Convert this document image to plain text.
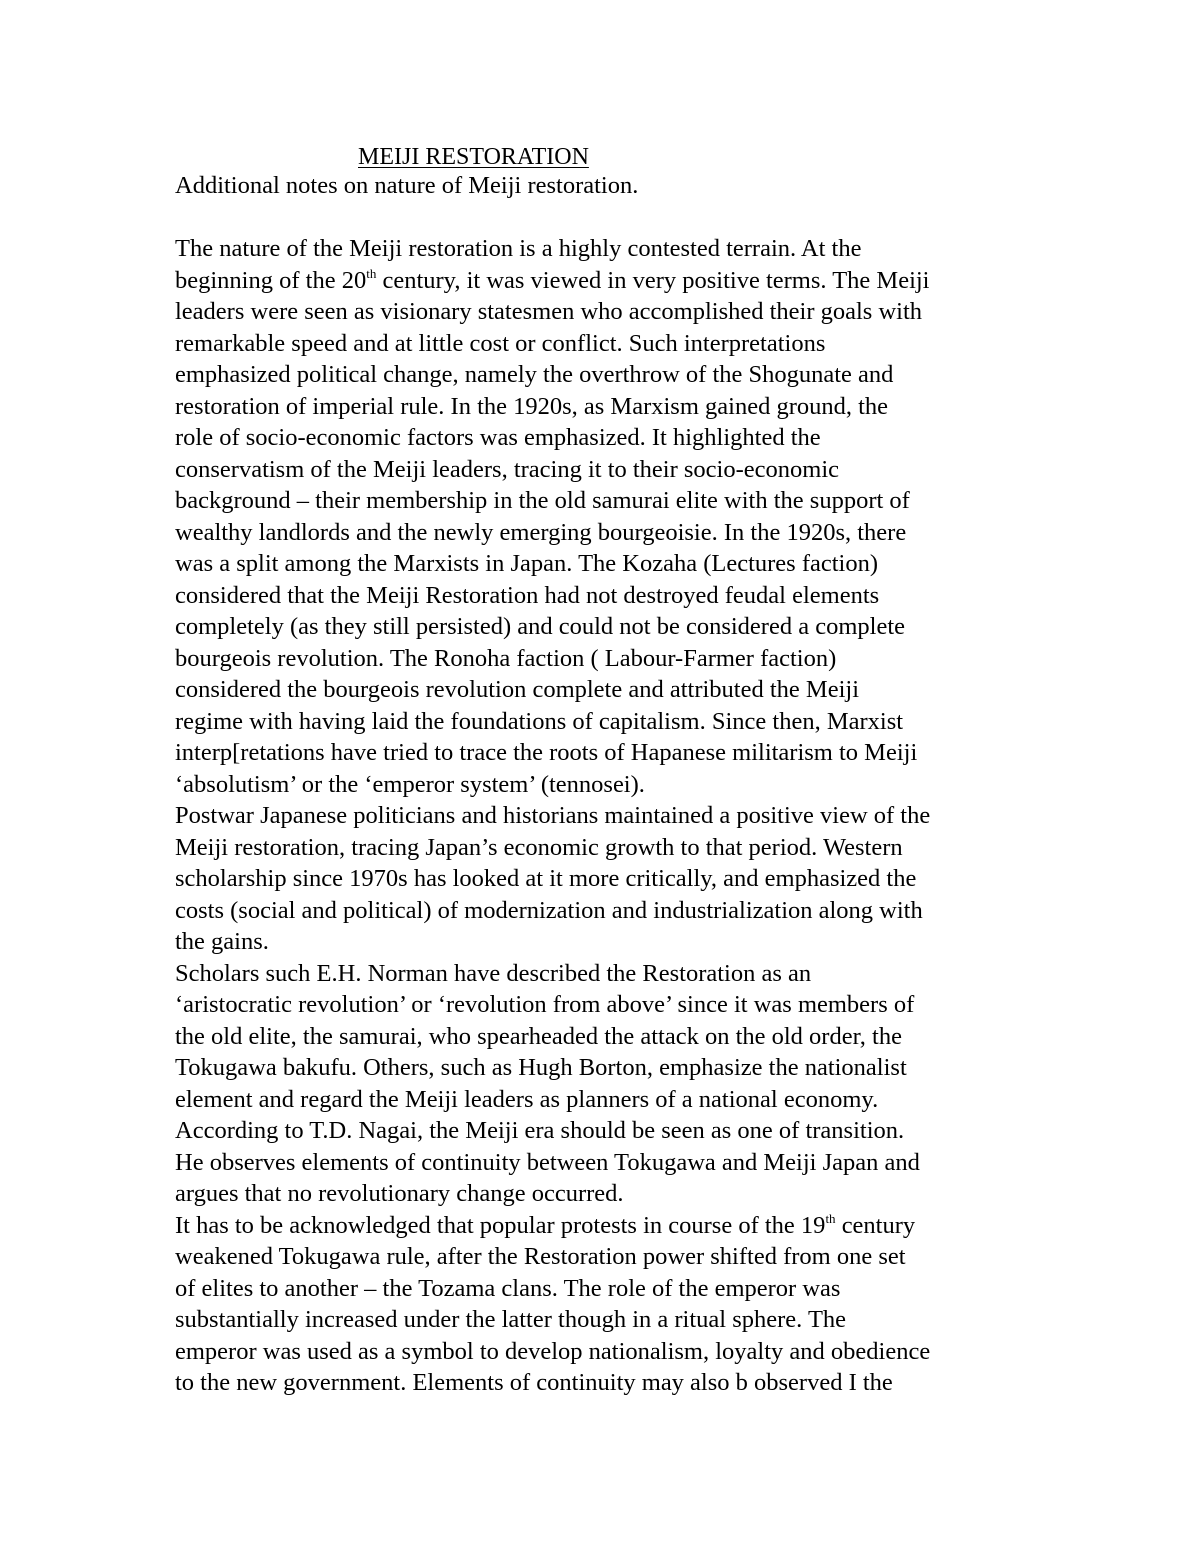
MEIJI RESTORATION
Additional notes on nature of Meiji restoration.
The nature of the Meiji restoration is a highly contested terrain. At the
beginning of the 20th century, it was viewed in very positive terms. The Meiji
leaders were seen as visionary statesmen who accomplished their goals with
remarkable speed and at little cost or conflict. Such interpretations
emphasized political change, namely the overthrow of the Shogunate and
restoration of imperial rule. In the 1920s, as Marxism gained ground, the
role of socio-economic factors was emphasized. It highlighted the
conservatism of the Meiji leaders, tracing it to their socio-economic
background – their membership in the old samurai elite with the support of
wealthy landlords and the newly emerging bourgeoisie. In the 1920s, there
was a split among the Marxists in Japan. The Kozaha (Lectures faction)
considered that the Meiji Restoration had not destroyed feudal elements
completely (as they still persisted) and could not be considered a complete
bourgeois revolution. The Ronoha faction ( Labour-Farmer faction)
considered the bourgeois revolution complete and attributed the Meiji
regime with having laid the foundations of capitalism. Since then, Marxist
interp[retations have tried to trace the roots of Hapanese militarism to Meiji
‘absolutism’ or the ‘emperor system’ (tennosei).
Postwar Japanese politicians and historians maintained a positive view of the
Meiji restoration, tracing Japan’s economic growth to that period. Western
scholarship since 1970s has looked at it more critically, and emphasized the
costs (social and political) of modernization and industrialization along with
the gains.
Scholars such E.H. Norman have described the Restoration as an
‘aristocratic revolution’ or ‘revolution from above’ since it was members of
the old elite, the samurai, who spearheaded the attack on the old order, the
Tokugawa bakufu. Others, such as Hugh Borton, emphasize the nationalist
element and regard the Meiji leaders as planners of a national economy.
According to T.D. Nagai, the Meiji era should be seen as one of transition.
He observes elements of continuity between Tokugawa and Meiji Japan and
argues that no revolutionary change occurred.
It has to be acknowledged that popular protests in course of the 19th century
weakened Tokugawa rule, after the Restoration power shifted from one set
of elites to another – the Tozama clans. The role of the emperor was
substantially increased under the latter though in a ritual sphere. The
emperor was used as a symbol to develop nationalism, loyalty and obedience
to the new government. Elements of continuity may also b observed I the
